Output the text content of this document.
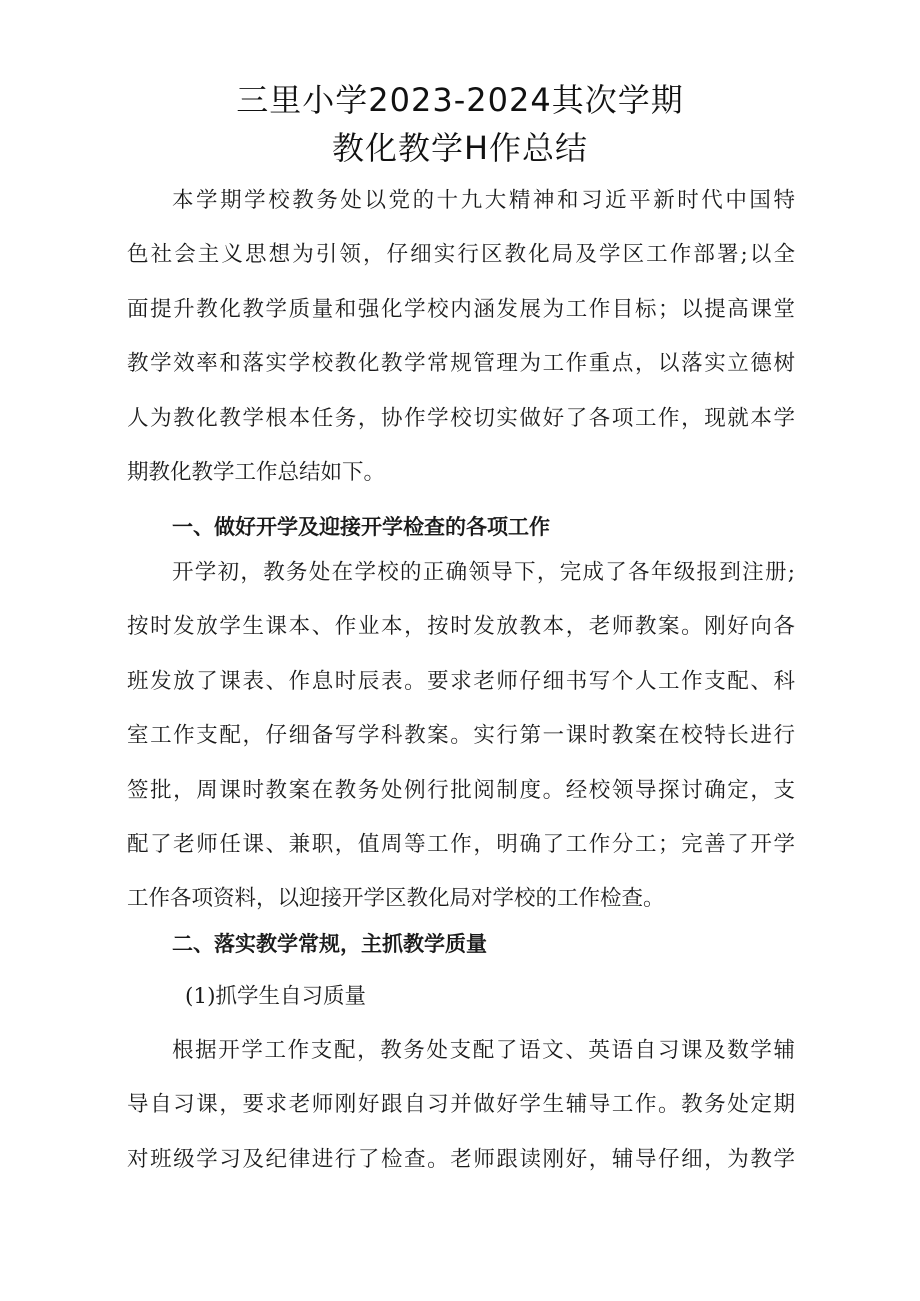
三里小学2023-2024其次学期
教化教学H作总结
本学期学校教务处以党的十九大精神和习近平新时代中国特
色社会主义思想为引领，仔细实行区教化局及学区工作部署;以全
面提升教化教学质量和强化学校内涵发展为工作目标；以提高课堂
教学效率和落实学校教化教学常规管理为工作重点，以落实立德树
人为教化教学根本任务，协作学校切实做好了各项工作，现就本学
期教化教学工作总结如下。
一、做好开学及迎接开学检查的各项工作
开学初，教务处在学校的正确领导下，完成了各年级报到注册;
按时发放学生课本、作业本，按时发放教本，老师教案。刚好向各
班发放了课表、作息时辰表。要求老师仔细书写个人工作支配、科
室工作支配，仔细备写学科教案。实行第一课时教案在校特长进行
签批，周课时教案在教务处例行批阅制度。经校领导探讨确定，支
配了老师任课、兼职，值周等工作，明确了工作分工；完善了开学
工作各项资料，以迎接开学区教化局对学校的工作检查。
二、落实教学常规，主抓教学质量
(1)抓学生自习质量
根据开学工作支配，教务处支配了语文、英语自习课及数学辅
导自习课，要求老师刚好跟自习并做好学生辅导工作。教务处定期
对班级学习及纪律进行了检查。老师跟读刚好，辅导仔细，为教学
